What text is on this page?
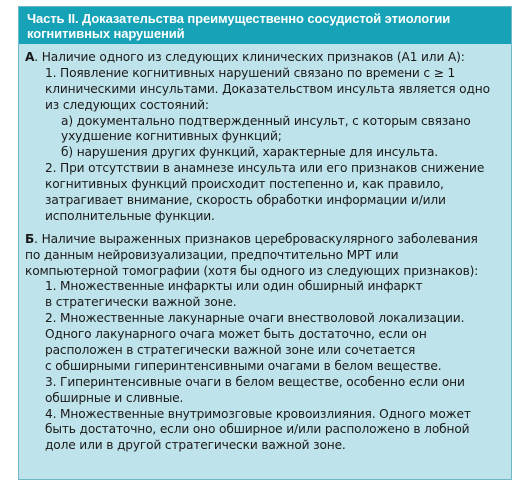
Часть II. Доказательства преимущественно сосудистой этиологии
когнитивных нарушений
А. Наличие одного из следующих клинических признаков (А1 или А):
1. Появление когнитивных нарушений связано по времени с ≥ 1
клиническими инсультами. Доказательством инсульта является одно
из следующих состояний:
а) документально подтвержденный инсульт, с которым связано
ухудшение когнитивных функций;
б) нарушения других функций, характерные для инсульта.
2. При отсутствии в анамнезе инсульта или его признаков снижение
когнитивных функций происходит постепенно и, как правило,
затрагивает внимание, скорость обработки информации и/или
исполнительные функции.
Б. Наличие выраженных признаков цереброваскулярного заболевания
по данным нейровизуализации, предпочтительно МРТ или
компьютерной томографии (хотя бы одного из следующих признаков):
1. Множественные инфаркты или один обширный инфаркт
в стратегически важной зоне.
2. Множественные лакунарные очаги внестволовой локализации.
Одного лакунарного очага может быть достаточно, если он
расположен в стратегически важной зоне или сочетается
с обширными гиперинтенсивными очагами в белом веществе.
3. Гиперинтенсивные очаги в белом веществе, особенно если они
обширные и сливные.
4. Множественные внутримозговые кровоизлияния. Одного может
быть достаточно, если оно обширное и/или расположено в лобной
доле или в другой стратегически важной зоне.
